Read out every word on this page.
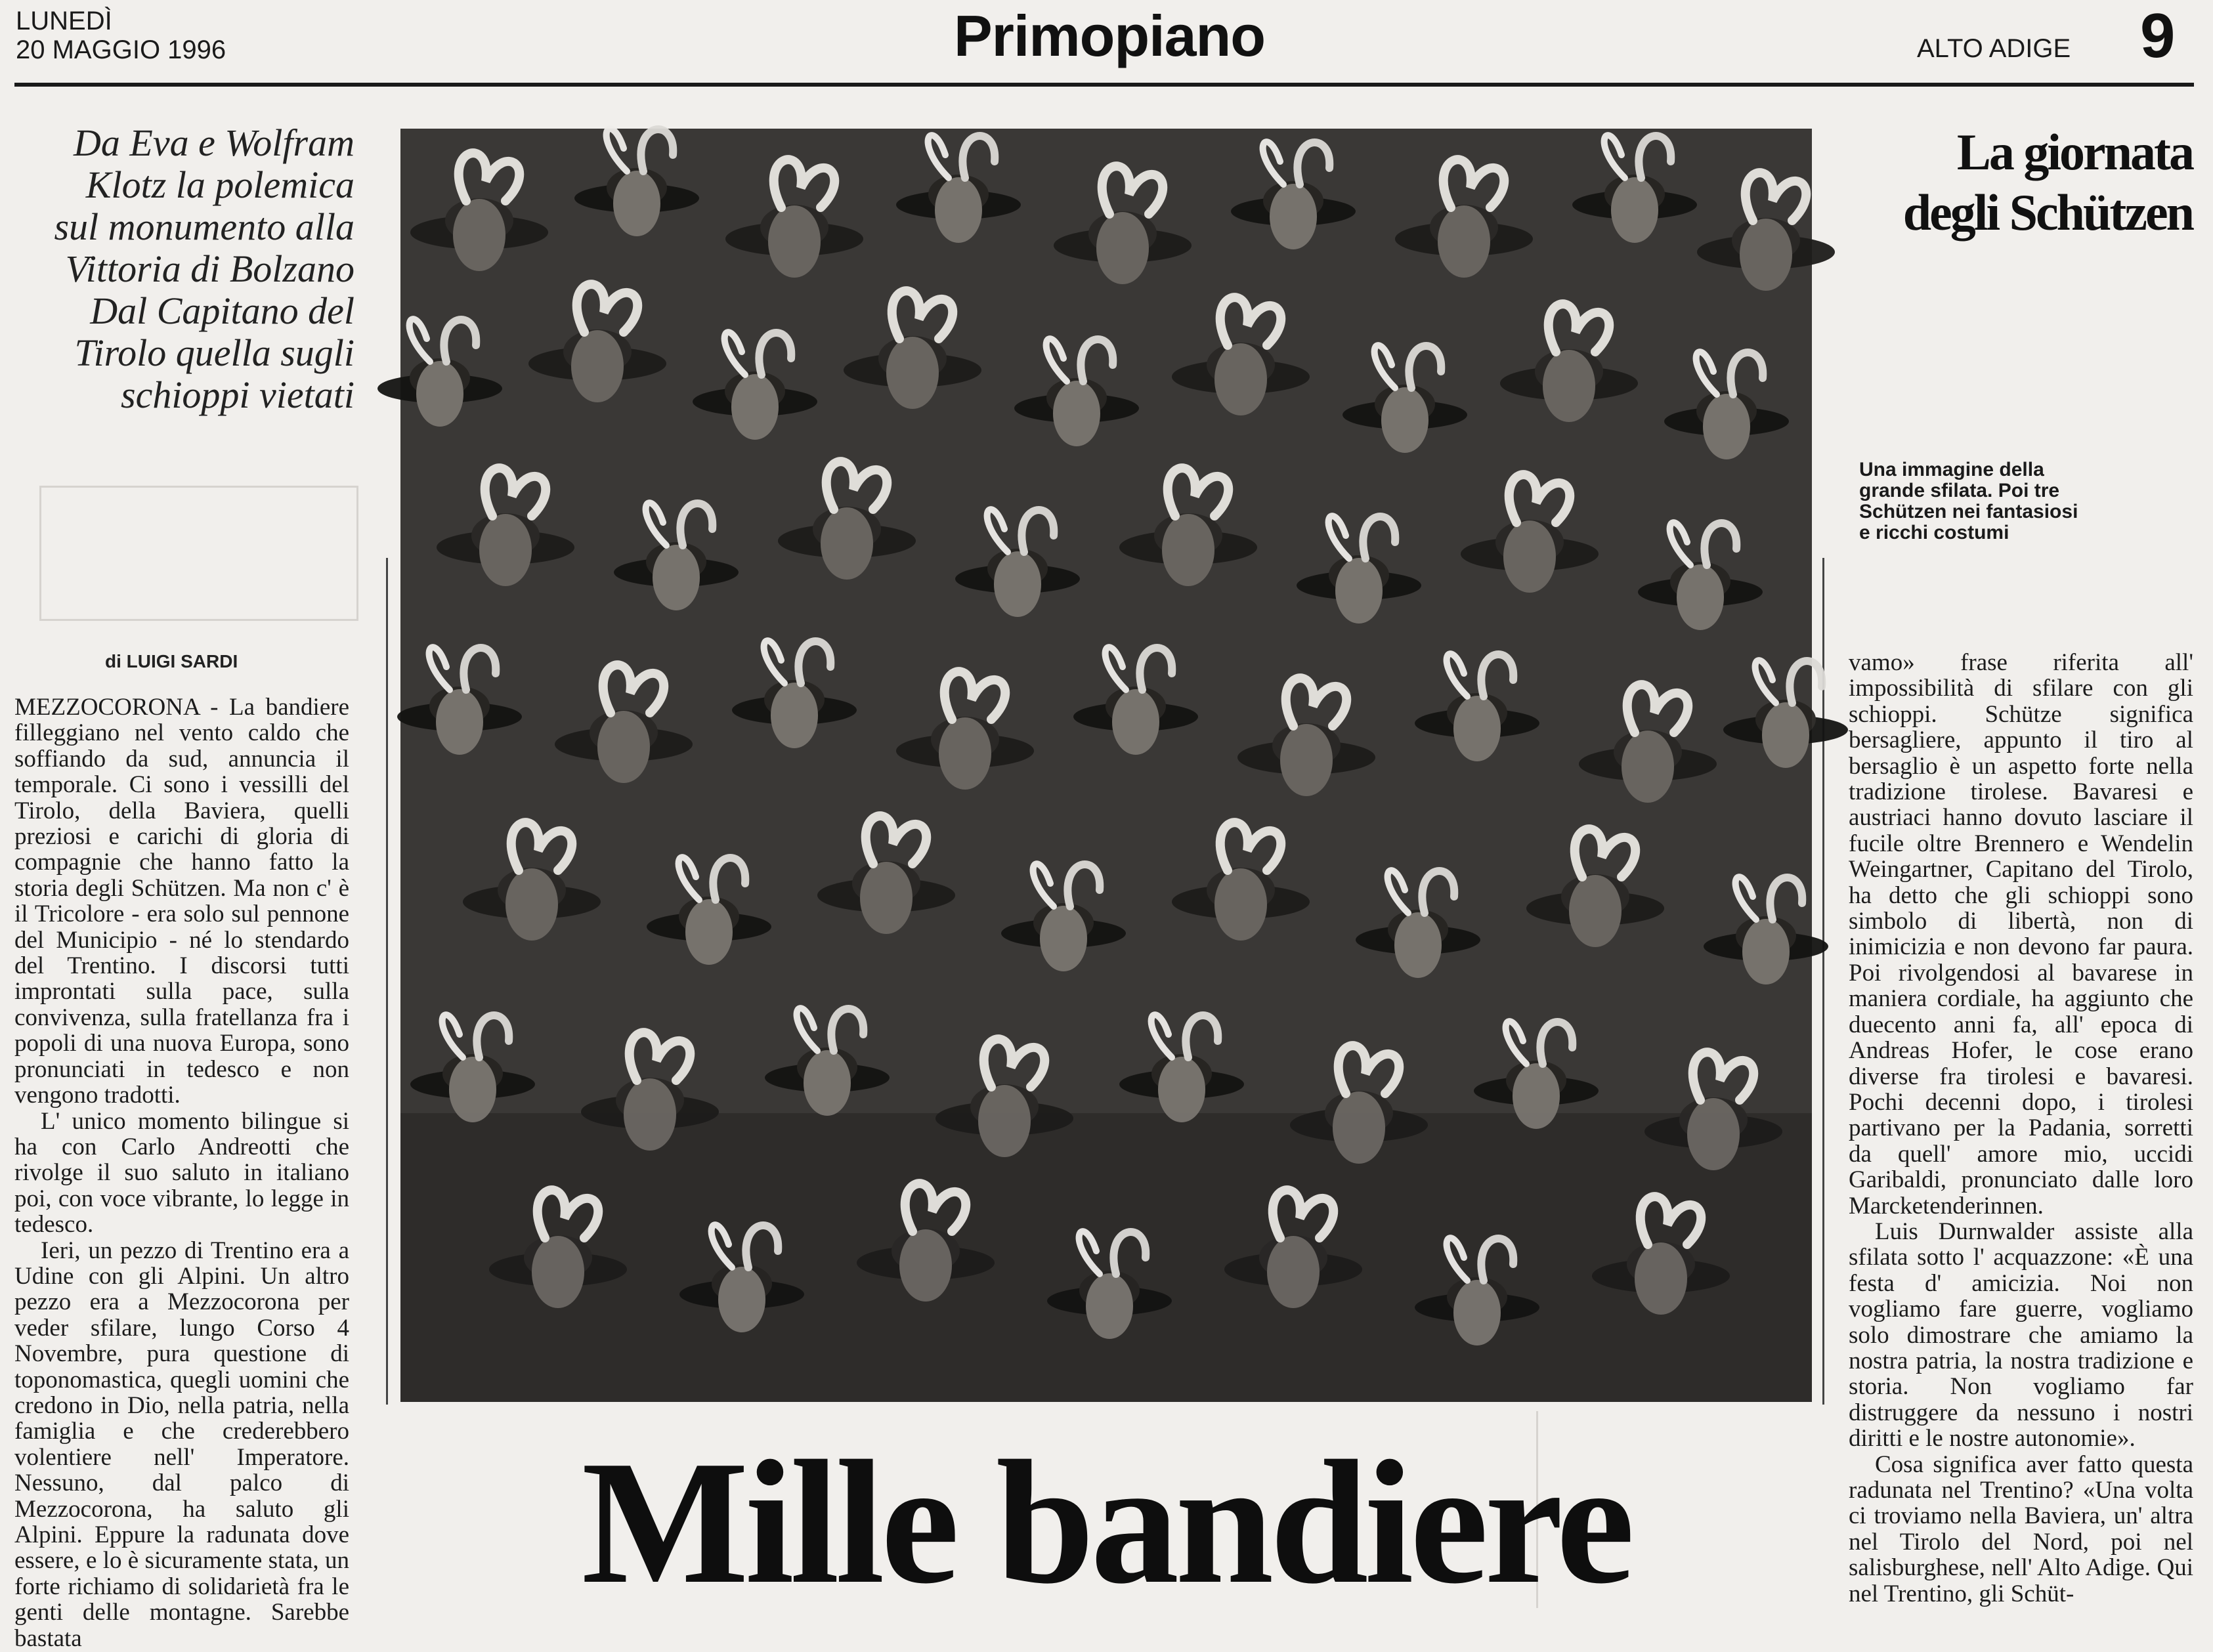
LUNEDÌ
20 MAGGIO 1996	Primopiano	ALTO ADIGE 9
Da Eva e Wolfram
Klotz la polemica
sul monumento alla
Vittoria di Bolzano
Dal Capitano del
Tirolo quella sugli
schioppi vietati
di LUIGI SARDI

MEZZOCORONA - La bandiere filleggiano nel vento caldo che soffiando da sud, annuncia il temporale. Ci sono i vessilli del Tirolo, della Baviera, quelli preziosi e carichi di gloria di compagnie che hanno fatto la storia degli Schützen. Ma non c' è il Tricolore - era solo sul pennone del Municipio - né lo stendardo del Trentino. I discorsi tutti improntati sulla pace, sulla convivenza, sulla fratellanza fra i popoli di una nuova Europa, sono pronunciati in tedesco e non vengono tradotti.

L' unico momento bilingue si ha con Carlo Andreotti che rivolge il suo saluto in italiano poi, con voce vibrante, lo legge in tedesco.

Ieri, un pezzo di Trentino era a Udine con gli Alpini. Un altro pezzo era a Mezzocorona per veder sfilare, lungo Corso 4 Novembre, pura questione di toponomastica, quegli uomini che credono in Dio, nella patria, nella famiglia e che crederebbero volentiere nell' Imperatore. Nessuno, dal palco di Mezzocorona, ha saluto gli Alpini. Eppure la radunata dove essere, e lo è sicuramente stata, un forte richiamo di solidarietà fra le genti delle montagne. Sarebbe bastata

La giornata
degli Schützen
Una immagine della
grande sfilata. Poi tre
Schützen nei fantasiosi
e ricchi costumi

vamo» frase riferita all' impossibilità di sfilare con gli schioppi. Schütze significa bersagliere, appunto il tiro al bersaglio è un aspetto forte nella tradizione tirolese. Bavaresi e austriaci hanno dovuto lasciare il fucile oltre Brennero e Wendelin Weingartner, Capitano del Tirolo, ha detto che gli schioppi sono simbolo di libertà, non di inimicizia e non devono far paura. Poi rivolgendosi al bavarese in maniera cordiale, ha aggiunto che duecento anni fa, all' epoca di Andreas Hofer, le cose erano diverse fra tirolesi e bavaresi. Pochi decenni dopo, i tirolesi partivano per la Padania, sorretti da quell' amore mio, uccidi Garibaldi, pronunciato dalle loro Marcketenderinnen.

Luis Durnwalder assiste alla sfilata sotto l' acquazzone: «È una festa d' amicizia. Noi non vogliamo fare guerre, vogliamo solo dimostrare che amiamo la nostra patria, la nostra tradizione e storia. Non vogliamo far distruggere da nessuno i nostri diritti e le nostre autonomie».

Cosa significa aver fatto questa radunata nel Trentino? «Una volta ci troviamo nella Baviera, un' altra nel Tirolo del Nord, poi nel salisburghese, nell' Alto Adige. Qui nel Trentino, gli Schüt-

Mille bandiere
